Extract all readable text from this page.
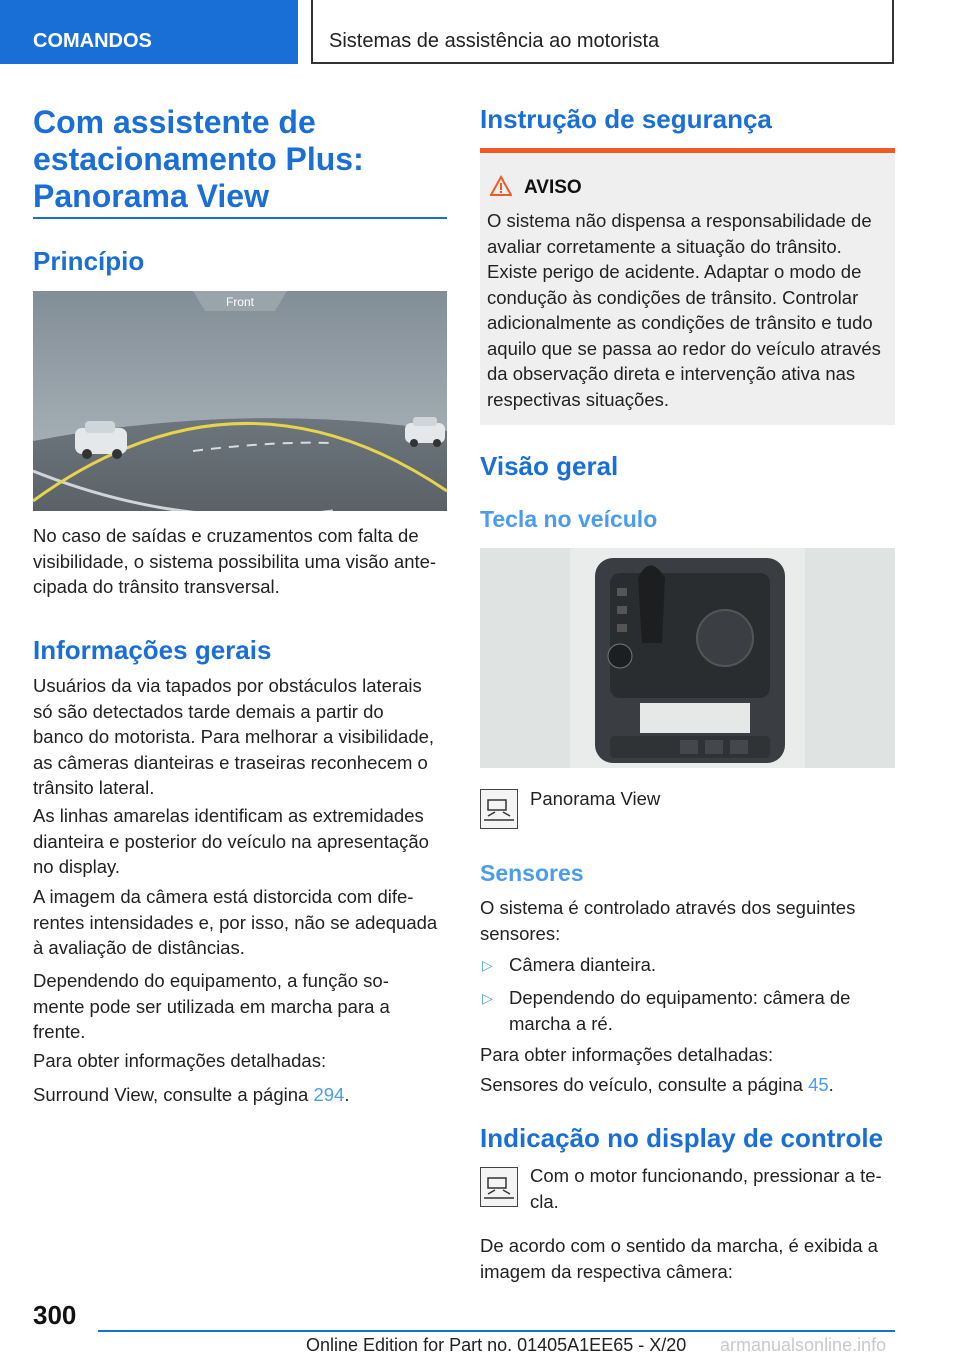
COMANDOS	Sistemas de assistência ao motorista
Com assistente de
estacionamento Plus:
Panorama View
Princípio
Front
No caso de saídas e cruzamentos com falta de
visibilidade, o sistema possibilita uma visão ante-
cipada do trânsito transversal.
Informações gerais
Usuários da via tapados por obstáculos laterais
só são detectados tarde demais a partir do
banco do motorista. Para melhorar a visibilidade,
as câmeras dianteiras e traseiras reconhecem o
trânsito lateral.
As linhas amarelas identificam as extremidades
dianteira e posterior do veículo na apresentação
no display.
A imagem da câmera está distorcida com dife-
rentes intensidades e, por isso, não se adequada
à avaliação de distâncias.
Dependendo do equipamento, a função so-
mente pode ser utilizada em marcha para a
frente.
Para obter informações detalhadas:
Surround View, consulte a página 294.
Instrução de segurança
AVISO
O sistema não dispensa a responsabilidade de
avaliar corretamente a situação do trânsito.
Existe perigo de acidente. Adaptar o modo de
condução às condições de trânsito. Controlar
adicionalmente as condições de trânsito e tudo
aquilo que se passa ao redor do veículo através
da observação direta e intervenção ativa nas
respectivas situações.
Visão geral
Tecla no veículo
Panorama View
Sensores
O sistema é controlado através dos seguintes
sensores:
▷ Câmera dianteira.
▷ Dependendo do equipamento: câmera de
marcha a ré.
Para obter informações detalhadas:
Sensores do veículo, consulte a página 45.
Indicação no display de controle
Com o motor funcionando, pressionar a te-
cla.
De acordo com o sentido da marcha, é exibida a
imagem da respectiva câmera:
300
Online Edition for Part no. 01405A1EE65 - X/20 armanualsonline.info
